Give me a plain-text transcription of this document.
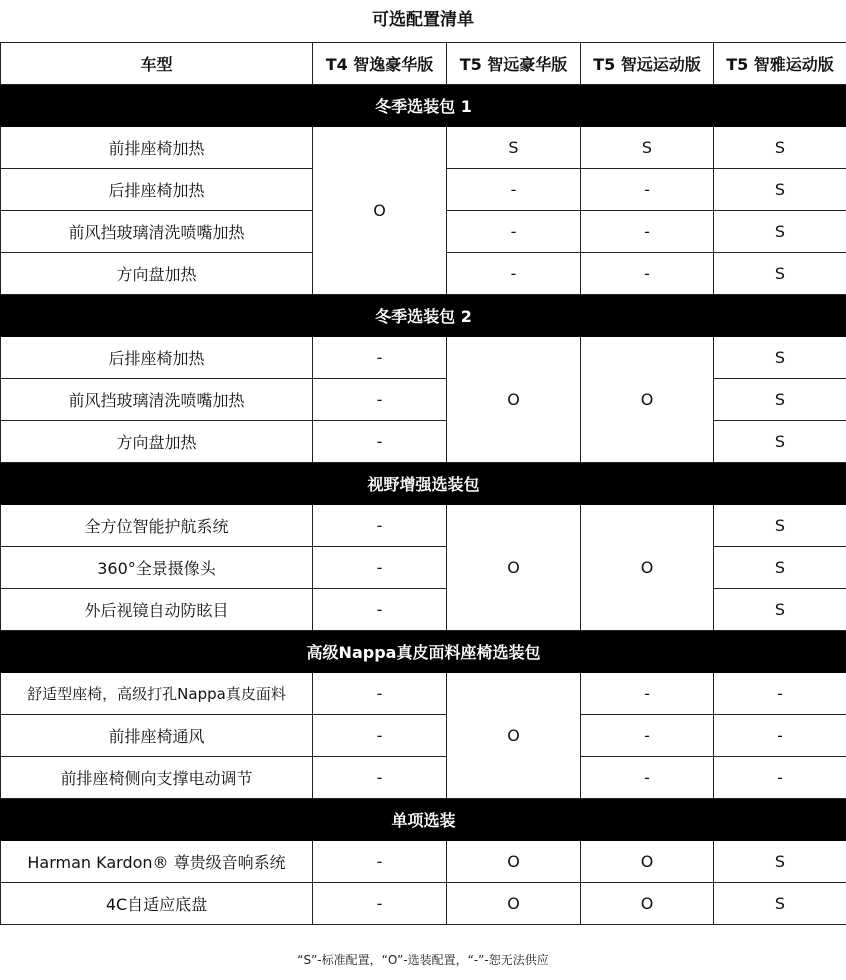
可选配置清单
车型	T4 智逸豪华版	T5 智远豪华版	T5 智远运动版	T5 智雅运动版
冬季选装包 1				
前排座椅加热	O	S	S	S
后排座椅加热		-	-	S
前风挡玻璃清洗喷嘴加热		-	-	S
方向盘加热		-	-	S
冬季选装包 2				
后排座椅加热	-	O	O	S
前风挡玻璃清洗喷嘴加热	-			S
方向盘加热	-			S
视野增强选装包				
全方位智能护航系统	-	O	O	S
360°全景摄像头	-			S
外后视镜自动防眩目	-			S
高级Nappa真皮面料座椅选装包				
舒适型座椅，高级打孔Nappa真皮面料	-	O	-	-
前排座椅通风	-		-	-
前排座椅侧向支撑电动调节	-		-	-
单项选装				
Harman Kardon® 尊贵级音响系统	-	O	O	S
4C自适应底盘	-	O	O	S
“S”-标准配置，“O”-选装配置，“-”-恕无法供应
